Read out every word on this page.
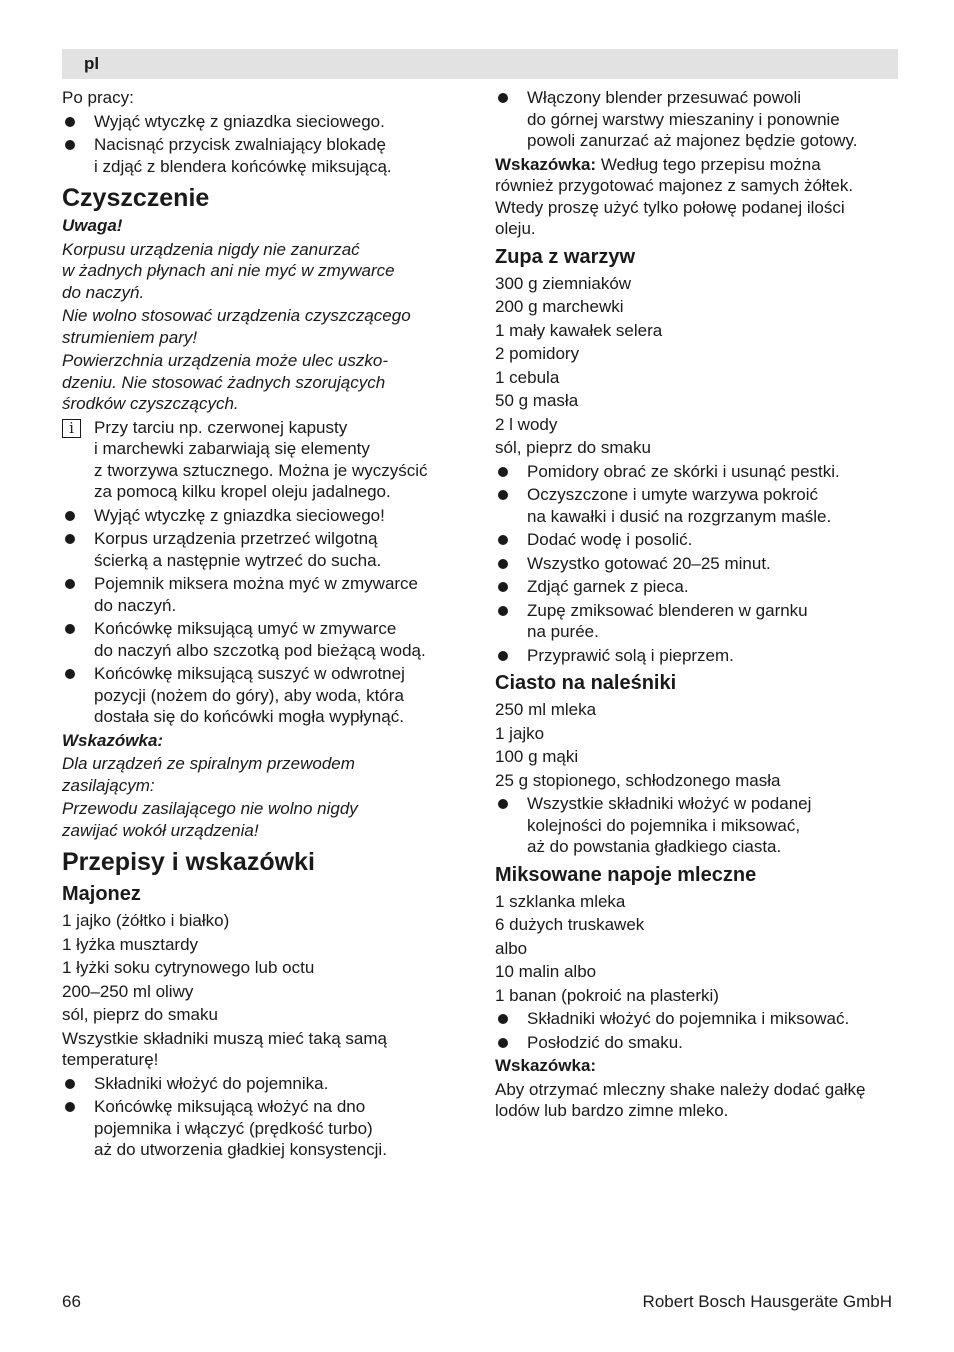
pl
Po pracy:
Wyjąć wtyczkę z gniazdka sieciowego.
Nacisnąć przycisk zwalniający blokadę
i zdjąć z blendera końcówkę miksującą.
Czyszczenie
Uwaga!
Korpusu urządzenia nigdy nie zanurzać
w żadnych płynach ani nie myć w zmywarce
do naczyń.
Nie wolno stosować urządzenia czyszczącego
strumieniem pary!
Powierzchnia urządzenia może ulec uszko-
dzeniu. Nie stosować żadnych szorujących
środków czyszczących.
i	Przy tarciu np. czerwonej kapusty
i marchewki zabarwiają się elementy
z tworzywa sztucznego. Można je wyczyścić
za pomocą kilku kropel oleju jadalnego.
Wyjąć wtyczkę z gniazdka sieciowego!
Korpus urządzenia przetrzeć wilgotną
ścierką a następnie wytrzeć do sucha.
Pojemnik miksera można myć w zmywarce
do naczyń.
Końcówkę miksującą umyć w zmywarce
do naczyń albo szczotką pod bieżącą wodą.
Końcówkę miksującą suszyć w odwrotnej
pozycji (nożem do góry), aby woda, która
dostała się do końcówki mogła wypłynąć.
Wskazówka:
Dla urządzeń ze spiralnym przewodem
zasilającym:
Przewodu zasilającego nie wolno nigdy
zawijać wokół urządzenia!
Przepisy i wskazówki
Majonez
1 jajko (żółtko i białko)
1 łyżka musztardy
1 łyżki soku cytrynowego lub octu
200–250 ml oliwy
sól, pieprz do smaku
Wszystkie składniki muszą mieć taką samą
temperaturę!
Składniki włożyć do pojemnika.
Końcówkę miksującą włożyć na dno
pojemnika i włączyć (prędkość turbo)
aż do utworzenia gładkiej konsystencji.
Włączony blender przesuwać powoli
do górnej warstwy mieszaniny i ponownie
powoli zanurzać aż majonez będzie gotowy.
Wskazówka: Według tego przepisu można
również przygotować majonez z samych żółtek.
Wtedy proszę użyć tylko połowę podanej ilości
oleju.
Zupa z warzyw
300 g ziemniaków
200 g marchewki
1 mały kawałek selera
2 pomidory
1 cebula
50 g masła
2 l wody
sól, pieprz do smaku
Pomidory obrać ze skórki i usunąć pestki.
Oczyszczone i umyte warzywa pokroić
na kawałki i dusić na rozgrzanym maśle.
Dodać wodę i posolić.
Wszystko gotować 20–25 minut.
Zdjąć garnek z pieca.
Zupę zmiksować blenderen w garnku
na purée.
Przyprawić solą i pieprzem.
Ciasto na naleśniki
250 ml mleka
1 jajko
100 g mąki
25 g stopionego, schłodzonego masła
Wszystkie składniki włożyć w podanej
kolejności do pojemnika i miksować,
aż do powstania gładkiego ciasta.
Miksowane napoje mleczne
1 szklanka mleka
6 dużych truskawek
albo
10 malin albo
1 banan (pokroić na plasterki)
Składniki włożyć do pojemnika i miksować.
Posłodzić do smaku.
Wskazówka:
Aby otrzymać mleczny shake należy dodać gałkę
lodów lub bardzo zimne mleko.
66	Robert Bosch Hausgeräte GmbH
